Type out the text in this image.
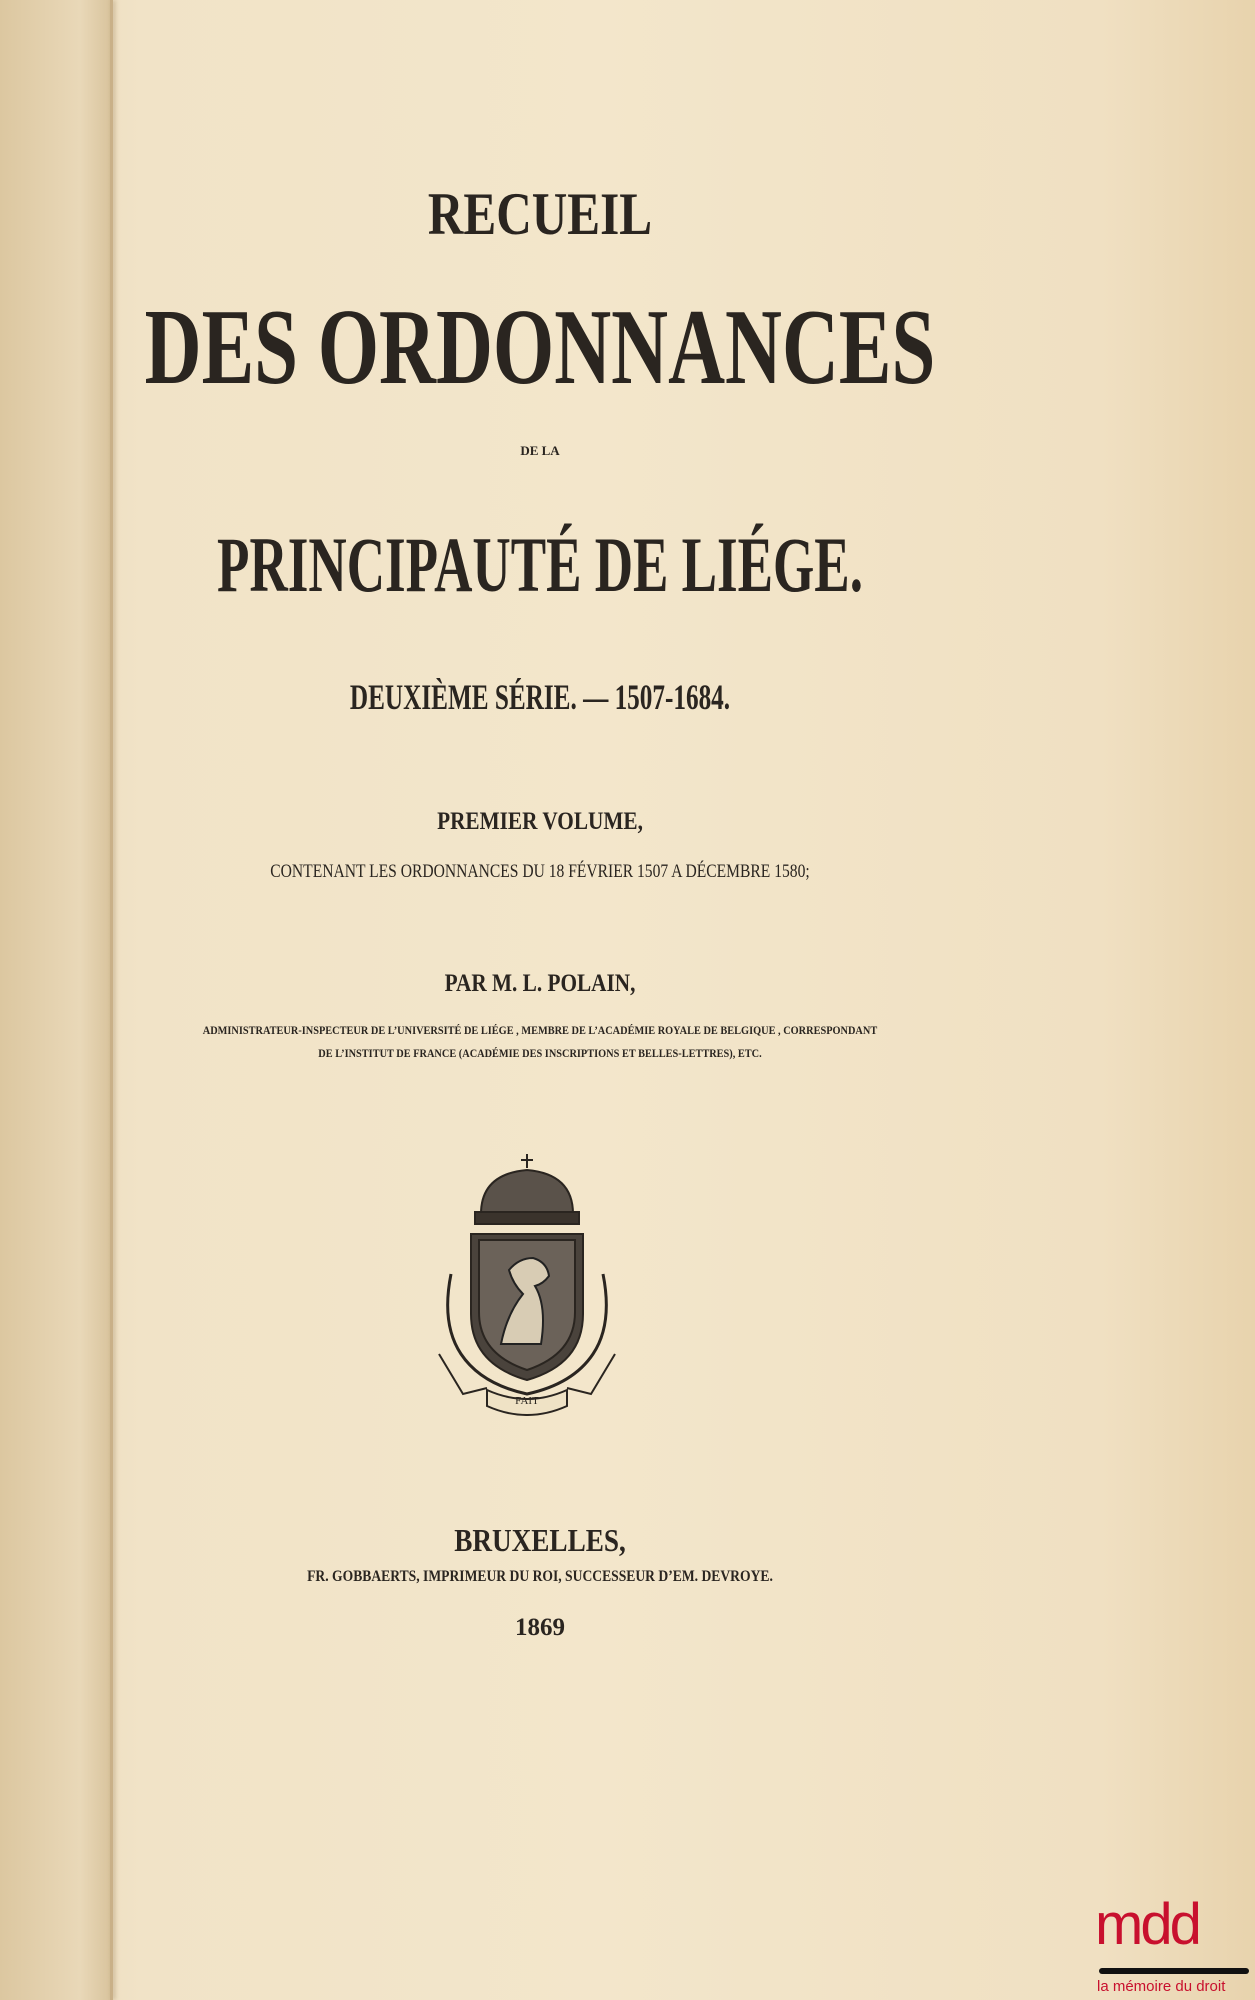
RECUEIL
DES ORDONNANCES
DE LA
PRINCIPAUTÉ DE LIÉGE.
DEUXIÈME SÉRIE. — 1507-1684.
PREMIER VOLUME,
CONTENANT LES ORDONNANCES DU 18 FÉVRIER 1507 A DÉCEMBRE 1580;
PAR M. L. POLAIN,
ADMINISTRATEUR-INSPECTEUR DE L’UNIVERSITÉ DE LIÉGE , MEMBRE DE L’ACADÉMIE ROYALE DE BELGIQUE , CORRESPONDANT
DE L’INSTITUT DE FRANCE (ACADÉMIE DES INSCRIPTIONS ET BELLES-LETTRES), ETC.
FAIT
BRUXELLES,
FR. GOBBAERTS, IMPRIMEUR DU ROI, SUCCESSEUR D’EM. DEVROYE.
1869
mdd
la mémoire du droit
